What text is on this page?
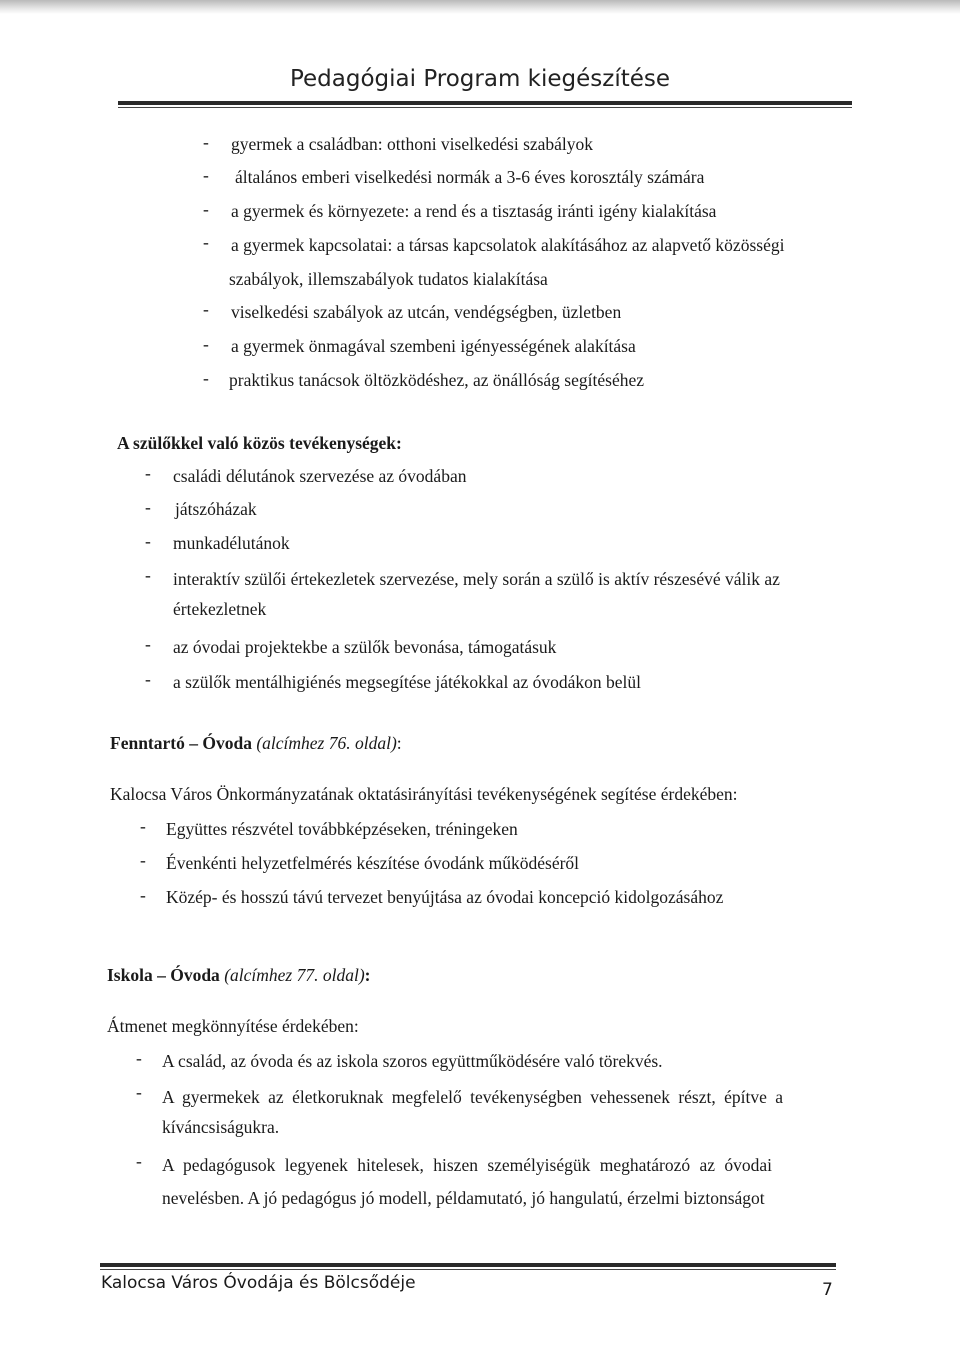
Pedagógiai Program kiegészítése
- gyermek a családban: otthoni viselkedési szabályok
- általános emberi viselkedési normák a 3-6 éves korosztály számára
- a gyermek és környezete: a rend és a tisztaság iránti igény kialakítása
- a gyermek kapcsolatai: a társas kapcsolatok alakításához az alapvető közösségi
szabályok, illemszabályok tudatos kialakítása
- viselkedési szabályok az utcán, vendégségben, üzletben
- a gyermek önmagával szembeni igényességének alakítása
- praktikus tanácsok öltözködéshez, az önállóság segítéséhez
A szülőkkel való közös tevékenységek:
- családi délutánok szervezése az óvodában
- játszóházak
- munkadélutánok
- interaktív szülői értekezletek szervezése, mely során a szülő is aktív részesévé válik az
értekezletnek
- az óvodai projektekbe a szülők bevonása, támogatásuk
- a szülők mentálhigiénés megsegítése játékokkal az óvodákon belül
Fenntartó – Óvoda (alcímhez 76. oldal):
Kalocsa Város Önkormányzatának oktatásirányítási tevékenységének segítése érdekében:
- Együttes részvétel továbbképzéseken, tréningeken
- Évenkénti helyzetfelmérés készítése óvodánk működéséről
- Közép- és hosszú távú tervezet benyújtása az óvodai koncepció kidolgozásához
Iskola – Óvoda (alcímhez 77. oldal):
Átmenet megkönnyítése érdekében:
- A család, az óvoda és az iskola szoros együttműködésére való törekvés.
- A gyermekek az életkoruknak megfelelő tevékenységben vehessenek részt, építve a
kíváncsiságukra.
- A pedagógusok legyenek hitelesek, hiszen személyiségük meghatározó az óvodai
nevelésben. A jó pedagógus jó modell, példamutató, jó hangulatú, érzelmi biztonságot
Kalocsa Város Óvodája és Bölcsődéje	7
